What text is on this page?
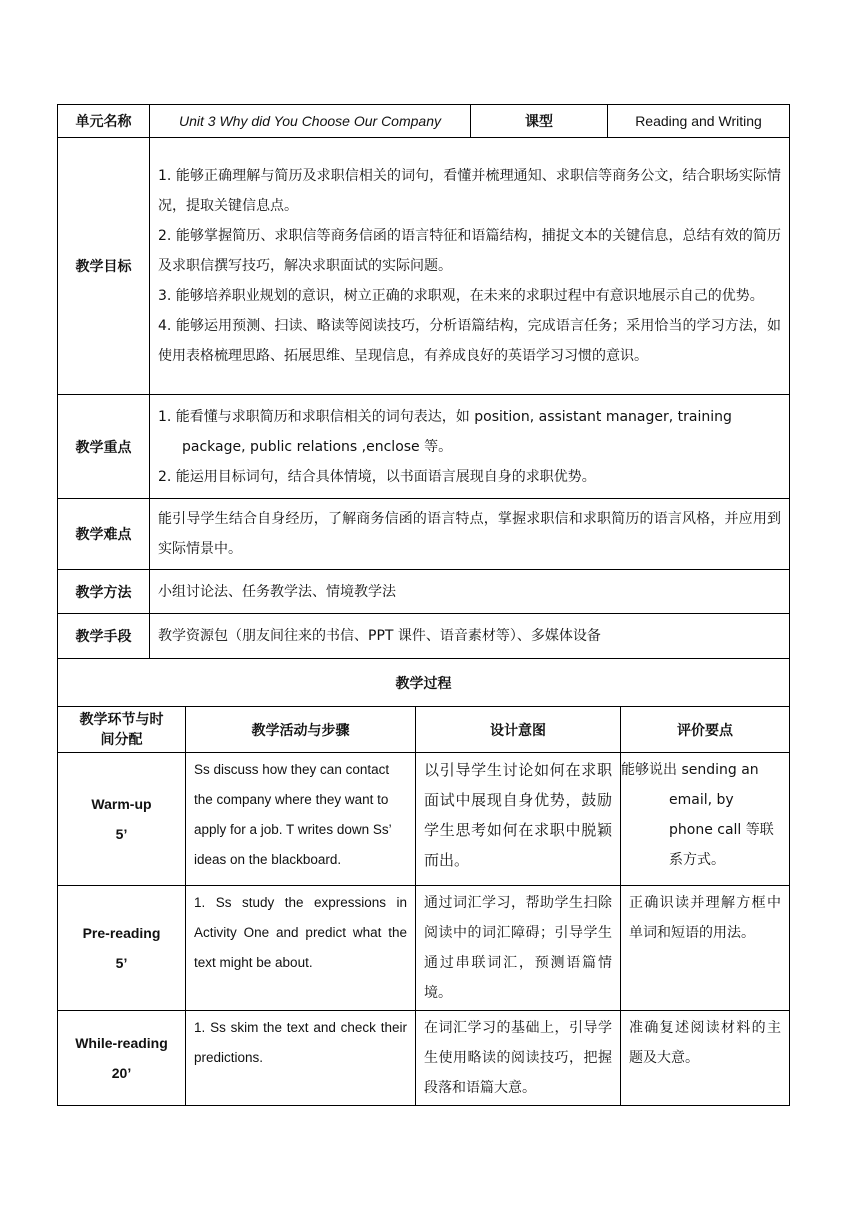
单元名称	Unit 3 Why did You Choose Our Company	课型	Reading and Writing
教学目标	1. 能够正确理解与简历及求职信相关的词句，看懂并梳理通知、求职信等商务公文，结合职场实际情况，提取关键信息点。

2. 能够掌握简历、求职信等商务信函的语言特征和语篇结构，捕捉文本的关键信息，总结有效的简历及求职信撰写技巧，解决求职面试的实际问题。

3. 能够培养职业规划的意识，树立正确的求职观，在未来的求职过程中有意识地展示自己的优势。

4. 能够运用预测、扫读、略读等阅读技巧，分析语篇结构，完成语言任务；采用恰当的学习方法，如使用表格梳理思路、拓展思维、呈现信息，有养成良好的英语学习习惯的意识。		

教学重点	1. 能看懂与求职简历和求职信相关的词句表达，如 position, assistant manager, training package, public relations ,enclose 等。

2. 能运用目标词句，结合具体情境，以书面语言展现自身的求职优势。		

教学难点	能引导学生结合自身经历，了解商务信函的语言特点，掌握求职信和求职简历的语言风格，并应用到实际情景中。		
教学方法	小组讨论法、任务教学法、情境教学法		
教学手段	教学资源包（朋友间往来的书信、PPT 课件、语音素材等）、多媒体设备		
教学过程			
教学环节与时间分配	教学活动与步骤	设计意图	评价要点

Warm-up
5’	Ss discuss how they can contact the company where they want to apply for a job. T writes down Ss’ ideas on the blackboard.	以引导学生讨论如何在求职面试中展现自身优势，鼓励学生思考如何在求职中脱颖而出。	能够说出 sending an email, by phone call 等联系方式。

Pre-reading
5’	1. Ss study the expressions in Activity One and predict what the text might be about.	通过词汇学习，帮助学生扫除阅读中的词汇障碍；引导学生通过串联词汇，预测语篇情境。	正确识读并理解方框中单词和短语的用法。

While-reading
20’	1. Ss skim the text and check their predictions.	在词汇学习的基础上，引导学生使用略读的阅读技巧，把握段落和语篇大意。	准确复述阅读材料的主题及大意。
